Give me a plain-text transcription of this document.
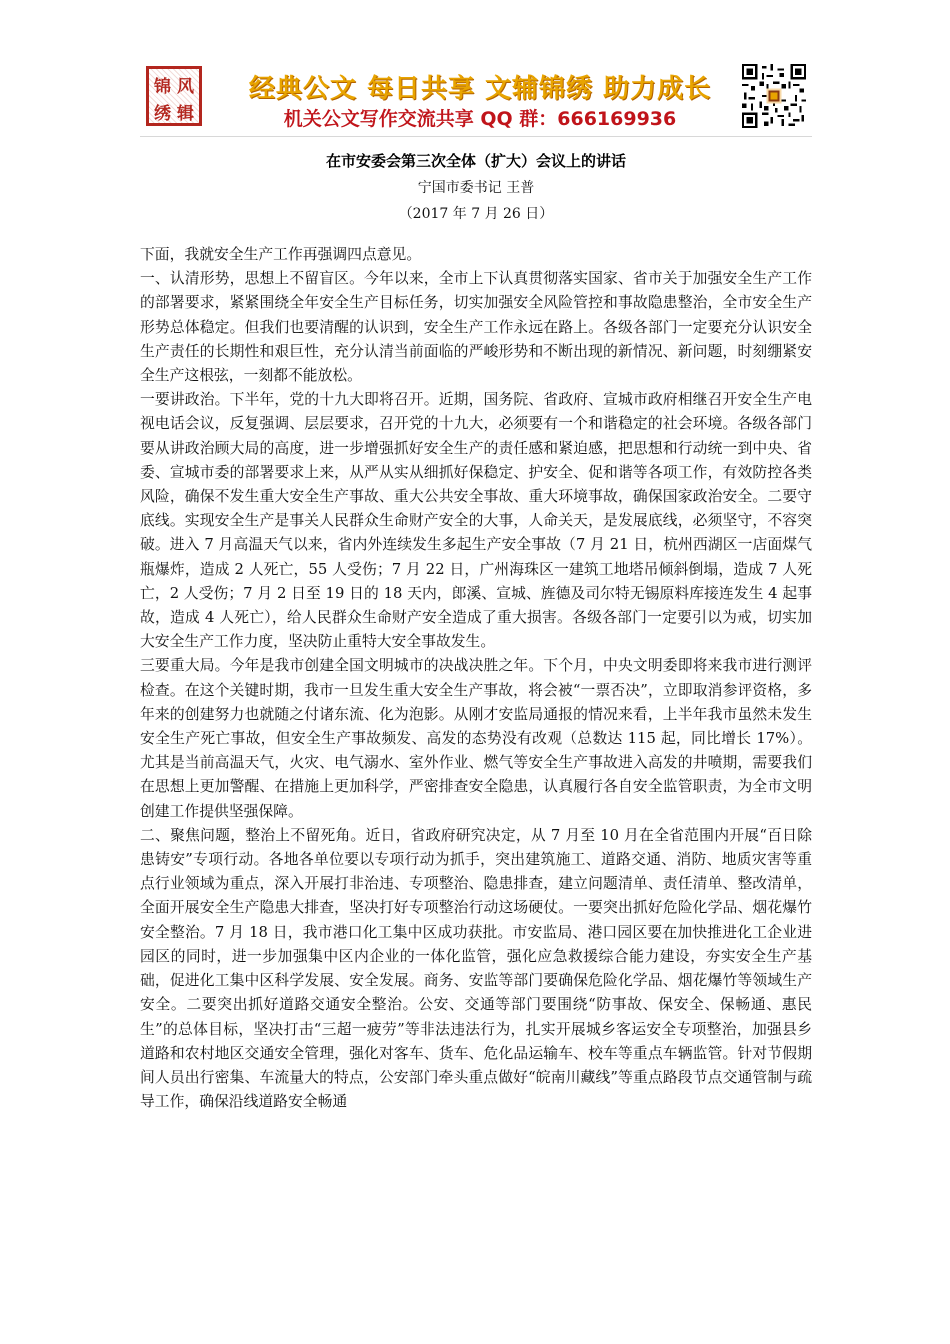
锦 风
绣 辑
经典公文 每日共享 文辅锦绣 助力成长
机关公文写作交流共享 QQ 群：666169936
在市安委会第三次全体（扩大）会议上的讲话
宁国市委书记 王普
（2017 年 7 月 26 日）

下面，我就安全生产工作再强调四点意见。

一、认清形势，思想上不留盲区。今年以来，全市上下认真贯彻落实国家、省市关于加强安全生产工作的部署要求，紧紧围绕全年安全生产目标任务，切实加强安全风险管控和事故隐患整治，全市安全生产形势总体稳定。但我们也要清醒的认识到，安全生产工作永远在路上。各级各部门一定要充分认识安全生产责任的长期性和艰巨性，充分认清当前面临的严峻形势和不断出现的新情况、新问题，时刻绷紧安全生产这根弦，一刻都不能放松。

一要讲政治。下半年，党的十九大即将召开。近期，国务院、省政府、宣城市政府相继召开安全生产电视电话会议，反复强调、层层要求，召开党的十九大，必须要有一个和谐稳定的社会环境。各级各部门要从讲政治顾大局的高度，进一步增强抓好安全生产的责任感和紧迫感，把思想和行动统一到中央、省委、宣城市委的部署要求上来，从严从实从细抓好保稳定、护安全、促和谐等各项工作，有效防控各类风险，确保不发生重大安全生产事故、重大公共安全事故、重大环境事故，确保国家政治安全。二要守底线。实现安全生产是事关人民群众生命财产安全的大事，人命关天，是发展底线，必须坚守，不容突破。进入 7 月高温天气以来，省内外连续发生多起生产安全事故（7 月 21 日，杭州西湖区一店面煤气瓶爆炸，造成 2 人死亡，55 人受伤；7 月 22 日，广州海珠区一建筑工地塔吊倾斜倒塌，造成 7 人死亡，2 人受伤；7 月 2 日至 19 日的 18 天内，郎溪、宣城、旌德及司尔特无锡原料库接连发生 4 起事故，造成 4 人死亡），给人民群众生命财产安全造成了重大损害。各级各部门一定要引以为戒，切实加大安全生产工作力度，坚决防止重特大安全事故发生。

三要重大局。今年是我市创建全国文明城市的决战决胜之年。下个月，中央文明委即将来我市进行测评检查。在这个关键时期，我市一旦发生重大安全生产事故，将会被“一票否决”，立即取消参评资格，多年来的创建努力也就随之付诸东流、化为泡影。从刚才安监局通报的情况来看，上半年我市虽然未发生安全生产死亡事故，但安全生产事故频发、高发的态势没有改观（总数达 115 起，同比增长 17%）。尤其是当前高温天气，火灾、电气溺水、室外作业、燃气等安全生产事故进入高发的井喷期，需要我们在思想上更加警醒、在措施上更加科学，严密排查安全隐患，认真履行各自安全监管职责，为全市文明创建工作提供坚强保障。

二、聚焦问题，整治上不留死角。近日，省政府研究决定，从 7 月至 10 月在全省范围内开展“百日除患铸安”专项行动。各地各单位要以专项行动为抓手，突出建筑施工、道路交通、消防、地质灾害等重点行业领域为重点，深入开展打非治违、专项整治、隐患排查，建立问题清单、责任清单、整改清单，全面开展安全生产隐患大排查，坚决打好专项整治行动这场硬仗。一要突出抓好危险化学品、烟花爆竹安全整治。7 月 18 日，我市港口化工集中区成功获批。市安监局、港口园区要在加快推进化工企业进园区的同时，进一步加强集中区内企业的一体化监管，强化应急救援综合能力建设，夯实安全生产基础，促进化工集中区科学发展、安全发展。商务、安监等部门要确保危险化学品、烟花爆竹等领域生产安全。二要突出抓好道路交通安全整治。公安、交通等部门要围绕“防事故、保安全、保畅通、惠民生”的总体目标，坚决打击“三超一疲劳”等非法违法行为，扎实开展城乡客运安全专项整治，加强县乡道路和农村地区交通安全管理，强化对客车、货车、危化品运输车、校车等重点车辆监管。针对节假期间人员出行密集、车流量大的特点，公安部门牵头重点做好“皖南川藏线”等重点路段节点交通管制与疏导工作，确保沿线道路安全畅通
